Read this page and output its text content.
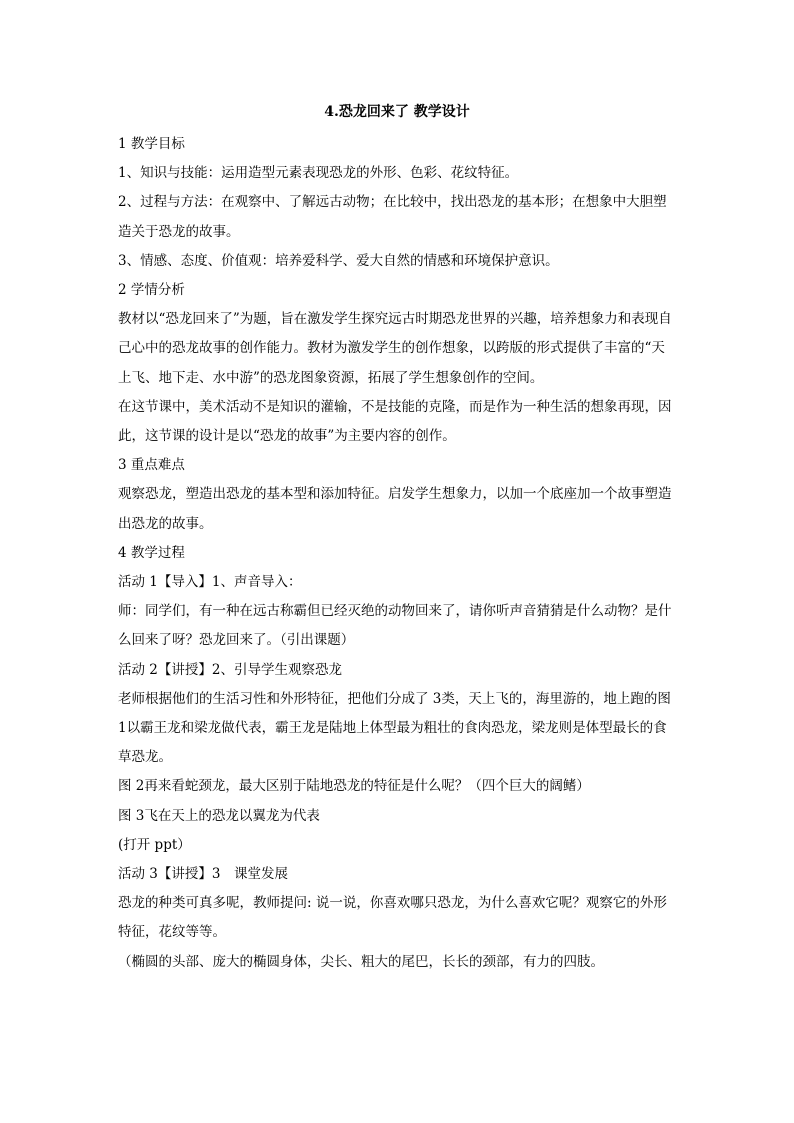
4.恐龙回来了 教学设计

1 教学目标

1、知识与技能：运用造型元素表现恐龙的外形、色彩、花纹特征。

2、过程与方法：在观察中、了解远古动物；在比较中，找出恐龙的基本形；在想象中大胆塑造关于恐龙的故事。

3、情感、态度、价值观：培养爱科学、爱大自然的情感和环境保护意识。

2 学情分析

教材以“恐龙回来了”为题，旨在激发学生探究远古时期恐龙世界的兴趣，培养想象力和表现自己心中的恐龙故事的创作能力。教材为激发学生的创作想象，以跨版的形式提供了丰富的“天上飞、地下走、水中游”的恐龙图象资源，拓展了学生想象创作的空间。

在这节课中，美术活动不是知识的灌输，不是技能的克隆，而是作为一种生活的想象再现，因此，这节课的设计是以“恐龙的故事”为主要内容的创作。

3 重点难点

观察恐龙，塑造出恐龙的基本型和添加特征。启发学生想象力，以加一个底座加一个故事塑造出恐龙的故事。

4 教学过程

活动 1【导入】1、声音导入：

师：同学们，有一种在远古称霸但已经灭绝的动物回来了，请你听声音猜猜是什么动物？是什么回来了呀？恐龙回来了。（引出课题）

活动 2【讲授】2、引导学生观察恐龙

老师根据他们的生活习性和外形特征，把他们分成了 3类，天上飞的，海里游的，地上跑的图 1以霸王龙和梁龙做代表，霸王龙是陆地上体型最为粗壮的食肉恐龙，梁龙则是体型最长的食草恐龙。

图 2再来看蛇颈龙，最大区别于陆地恐龙的特征是什么呢？（四个巨大的阔鳍）

图 3飞在天上的恐龙以翼龙为代表

(打开 ppt）

活动 3【讲授】3　课堂发展

恐龙的种类可真多呢，教师提问: 说一说，你喜欢哪只恐龙，为什么喜欢它呢？观察它的外形特征，花纹等等。

（椭圆的头部、庞大的椭圆身体，尖长、粗大的尾巴，长长的颈部，有力的四肢。
